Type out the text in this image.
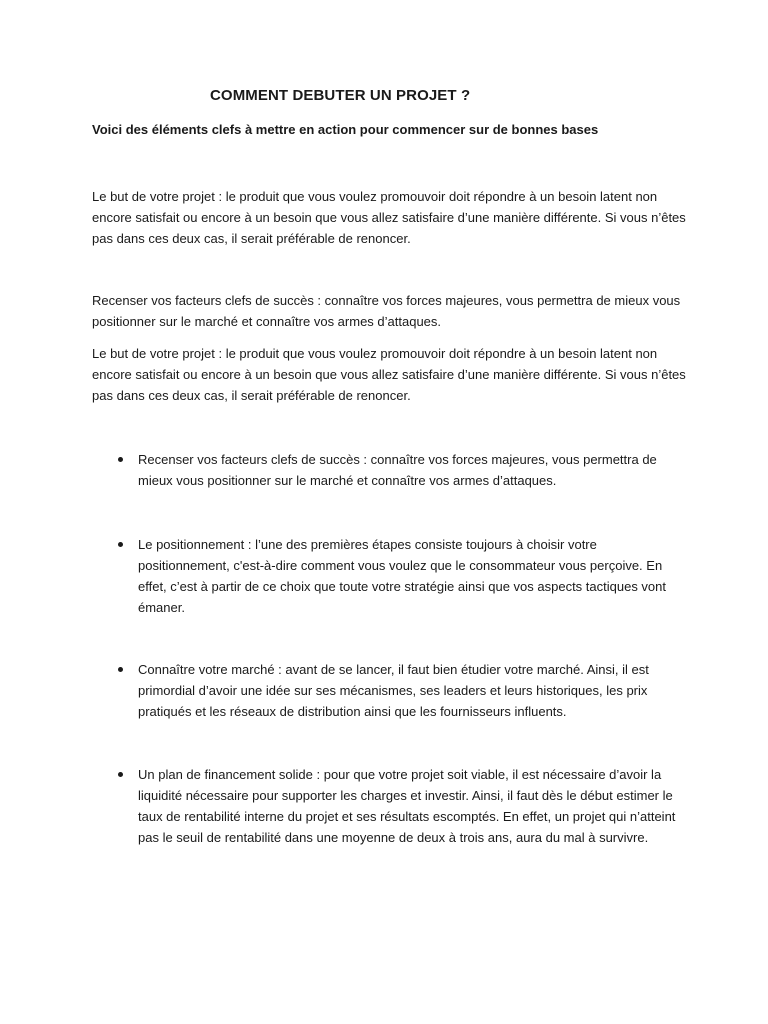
COMMENT DEBUTER UN PROJET ?
Voici des éléments clefs à mettre en action pour commencer sur de bonnes bases

Le but de votre projet : le produit que vous voulez promouvoir doit répondre à un besoin latent non encore satisfait ou encore à un besoin que vous allez satisfaire d’une manière différente. Si vous n’êtes pas dans ces deux cas, il serait préférable de renoncer.

Recenser vos facteurs clefs de succès : connaître vos forces majeures, vous permettra de mieux vous positionner sur le marché et connaître vos armes d’attaques.

Le but de votre projet : le produit que vous voulez promouvoir doit répondre à un besoin latent non encore satisfait ou encore à un besoin que vous allez satisfaire d’une manière différente. Si vous n’êtes pas dans ces deux cas, il serait préférable de renoncer.

Recenser vos facteurs clefs de succès : connaître vos forces majeures, vous permettra de mieux vous positionner sur le marché et connaître vos armes d’attaques.

Le positionnement : l’une des premières étapes consiste toujours à choisir votre positionnement, c'est-à-dire comment vous voulez que le consommateur vous perçoive. En effet, c’est à partir de ce choix que toute votre stratégie ainsi que vos aspects tactiques vont émaner.

Connaître votre marché : avant de se lancer, il faut bien étudier votre marché. Ainsi, il est primordial d’avoir une idée sur ses mécanismes, ses leaders et leurs historiques, les prix pratiqués et les réseaux de distribution ainsi que les fournisseurs influents.

Un plan de financement solide : pour que votre projet soit viable, il est nécessaire d’avoir la liquidité nécessaire pour supporter les charges et investir. Ainsi, il faut dès le début estimer le taux de rentabilité interne du projet et ses résultats escomptés. En effet, un projet qui n’atteint pas le seuil de rentabilité dans une moyenne de deux à trois ans, aura du mal à survivre.
